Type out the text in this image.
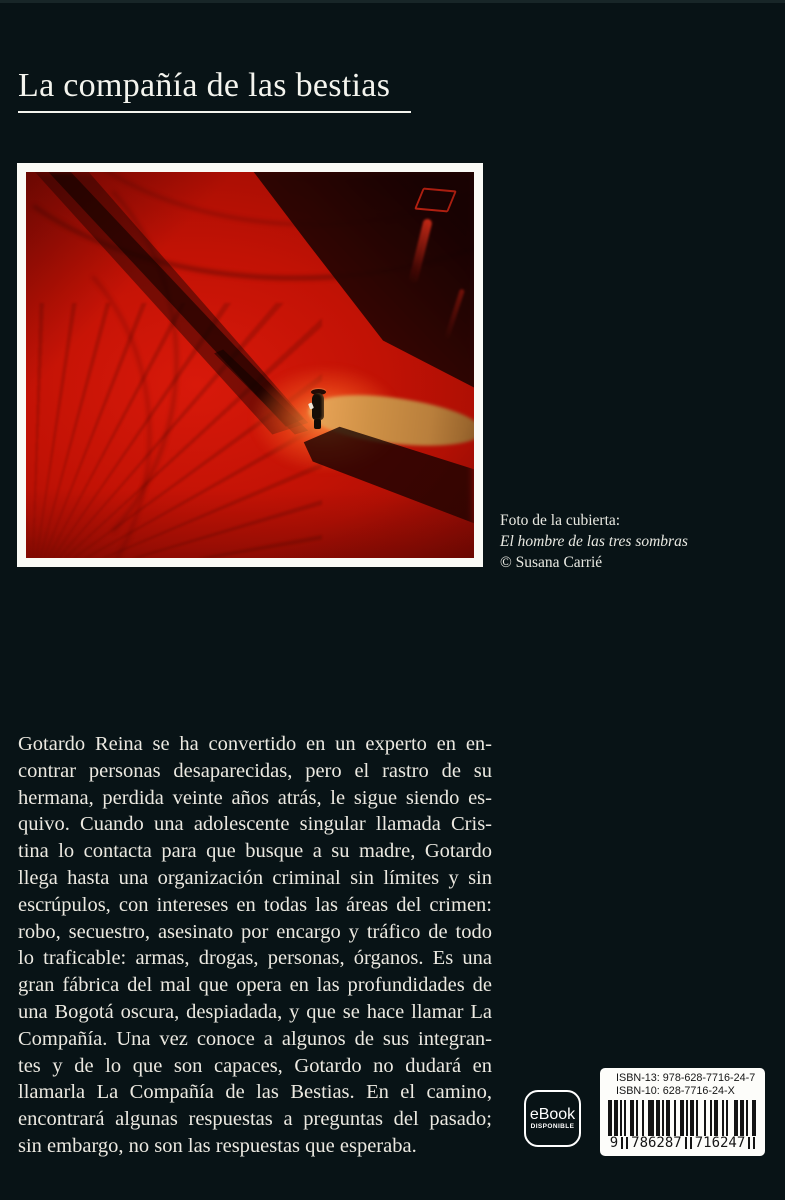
La compañía de las bestias
Foto de la cubierta:
El hombre de las tres sombras
© Susana Carrié
Gotardo Reina se ha convertido en un experto en en-
contrar personas desaparecidas, pero el rastro de su
hermana, perdida veinte años atrás, le sigue siendo es-
quivo. Cuando una adolescente singular llamada Cris-
tina lo contacta para que busque a su madre, Gotardo
llega hasta una organización criminal sin límites y sin
escrúpulos, con intereses en todas las áreas del crimen:
robo, secuestro, asesinato por encargo y tráfico de todo
lo traficable: armas, drogas, personas, órganos. Es una
gran fábrica del mal que opera en las profundidades de
una Bogotá oscura, despiadada, y que se hace llamar La
Compañía. Una vez conoce a algunos de sus integran-
tes y de lo que son capaces, Gotardo no dudará en
llamarla La Compañía de las Bestias. En el camino,
encontrará algunas respuestas a preguntas del pasado;
sin embargo, no son las respuestas que esperaba.
eBook
DISPONIBLE
ISBN-13: 978-628-7716-24-7
ISBN-10: 628-7716-24-X
9 786287 716247
